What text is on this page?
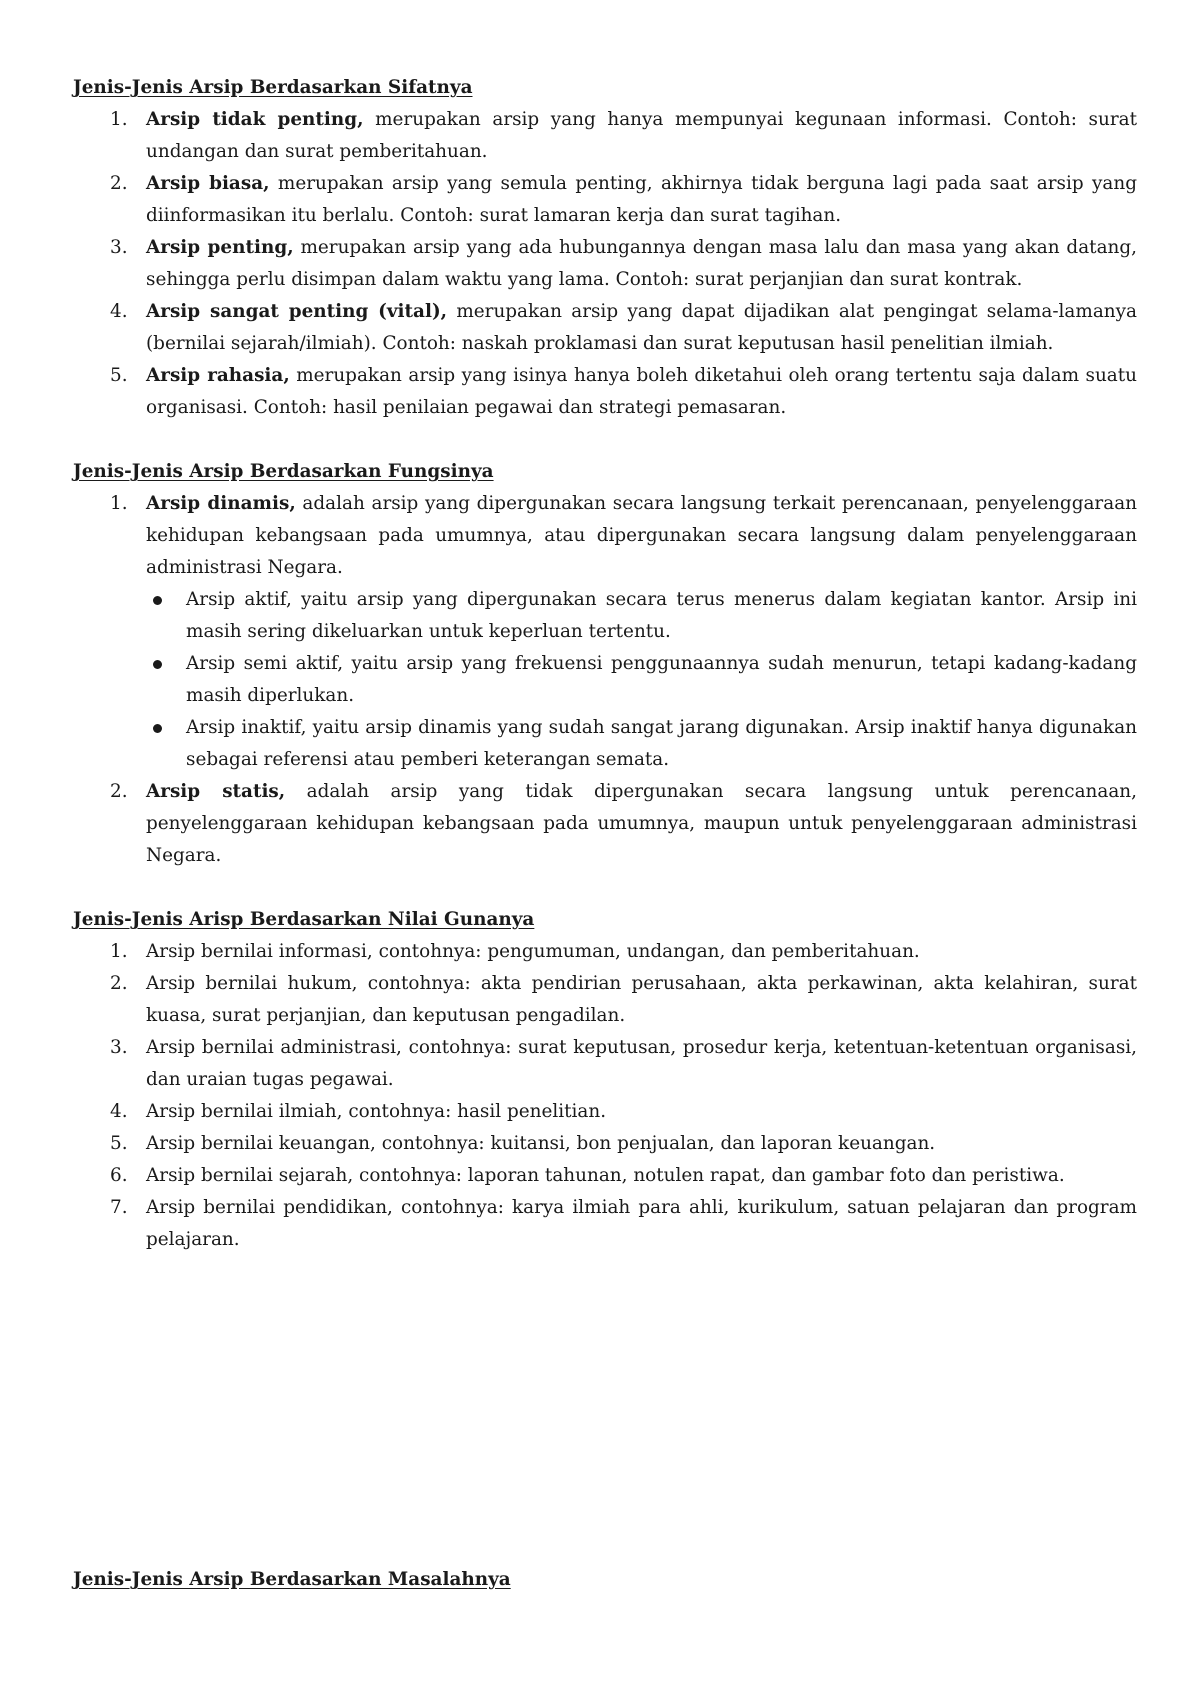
Jenis-Jenis Arsip Berdasarkan Sifatnya

1.	Arsip tidak penting, merupakan arsip yang hanya mempunyai kegunaan informasi. Contoh: surat undangan dan surat pemberitahuan.
2.	Arsip biasa, merupakan arsip yang semula penting, akhirnya tidak berguna lagi pada saat arsip yang diinformasikan itu berlalu. Contoh: surat lamaran kerja dan surat tagihan.
3.	Arsip penting, merupakan arsip yang ada hubungannya dengan masa lalu dan masa yang akan datang, sehingga perlu disimpan dalam waktu yang lama. Contoh: surat perjanjian dan surat kontrak.
4.	Arsip sangat penting (vital), merupakan arsip yang dapat dijadikan alat pengingat selama-lamanya (bernilai sejarah/ilmiah). Contoh: naskah proklamasi dan surat keputusan hasil penelitian ilmiah.
5.	Arsip rahasia, merupakan arsip yang isinya hanya boleh diketahui oleh orang tertentu saja dalam suatu organisasi. Contoh: hasil penilaian pegawai dan strategi pemasaran.

Jenis-Jenis Arsip Berdasarkan Fungsinya

1.	Arsip dinamis, adalah arsip yang dipergunakan secara langsung terkait perencanaan, penyelenggaraan kehidupan kebangsaan pada umumnya, atau dipergunakan secara langsung dalam penyelenggaraan administrasi Negara.
Arsip aktif, yaitu arsip yang dipergunakan secara terus menerus dalam kegiatan kantor. Arsip ini masih sering dikeluarkan untuk keperluan tertentu.
Arsip semi aktif, yaitu arsip yang frekuensi penggunaannya sudah menurun, tetapi kadang-kadang masih diperlukan.
Arsip inaktif, yaitu arsip dinamis yang sudah sangat jarang digunakan. Arsip inaktif hanya digunakan sebagai referensi atau pemberi keterangan semata.
2.	Arsip statis, adalah arsip yang tidak dipergunakan secara langsung untuk perencanaan, penyelenggaraan kehidupan kebangsaan pada umumnya, maupun untuk penyelenggaraan administrasi Negara.

Jenis-Jenis Arisp Berdasarkan Nilai Gunanya

1.	Arsip bernilai informasi, contohnya: pengumuman, undangan, dan pemberitahuan.
2.	Arsip bernilai hukum, contohnya: akta pendirian perusahaan, akta perkawinan, akta kelahiran, surat kuasa, surat perjanjian, dan keputusan pengadilan.
3.	Arsip bernilai administrasi, contohnya: surat keputusan, prosedur kerja, ketentuan-ketentuan organisasi, dan uraian tugas pegawai.
4.	Arsip bernilai ilmiah, contohnya: hasil penelitian.
5.	Arsip bernilai keuangan, contohnya: kuitansi, bon penjualan, dan laporan keuangan.
6.	Arsip bernilai sejarah, contohnya: laporan tahunan, notulen rapat, dan gambar foto dan peristiwa.
7.	Arsip bernilai pendidikan, contohnya: karya ilmiah para ahli, kurikulum, satuan pelajaran dan program pelajaran.

Jenis-Jenis Arsip Berdasarkan Masalahnya
